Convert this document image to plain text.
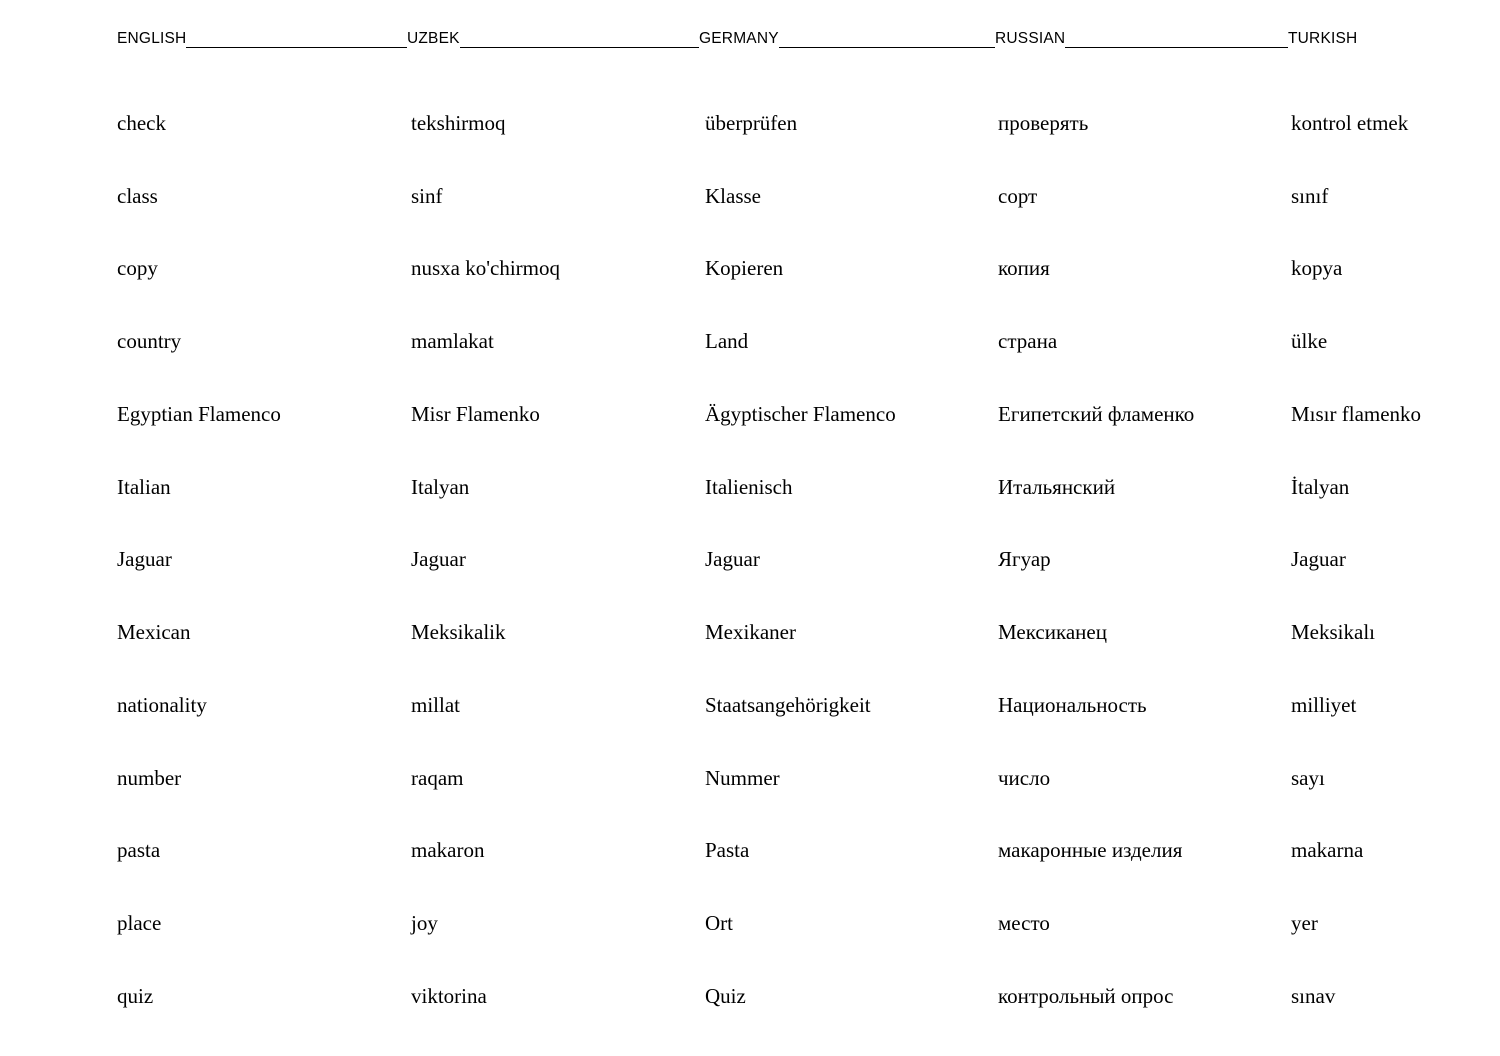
ENGLISH	UZBEK	GERMANY	RUSSIAN	TURKISH
check	tekshirmoq	überprüfen	проверять	kontrol etmek
class	sinf	Klasse	сорт	sınıf
copy	nusxa ko'chirmoq	Kopieren	копия	kopya
country	mamlakat	Land	страна	ülke
Egyptian Flamenco	Misr Flamenko	Ägyptischer Flamenco	Египетский фламенко	Mısır flamenko
Italian	Italyan	Italienisch	Итальянский	İtalyan
Jaguar	Jaguar	Jaguar	Ягуар	Jaguar
Mexican	Meksikalik	Mexikaner	Мексиканец	Meksikalı
nationality	millat	Staatsangehörigkeit	Национальность	milliyet
number	raqam	Nummer	число	sayı
pasta	makaron	Pasta	макаронные изделия	makarna
place	joy	Ort	место	yer
quiz	viktorina	Quiz	контрольный опрос	sınav
